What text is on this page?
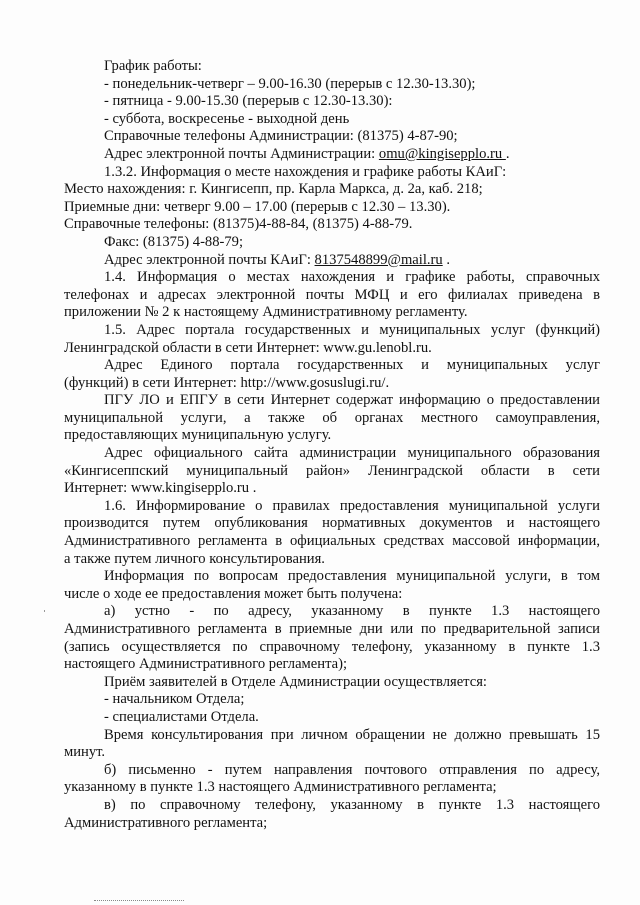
График работы:
- понедельник-четверг – 9.00-16.30 (перерыв с 12.30-13.30);
- пятница - 9.00-15.30 (перерыв с 12.30-13.30):
- суббота, воскресенье - выходной день
Справочные телефоны Администрации: (81375) 4-87-90;
Адрес электронной почты Администрации: omu@kingisepplo.ru .
1.3.2. Информация о месте нахождения и графике работы КАиГ:
Место нахождения: г. Кингисепп, пр. Карла Маркса, д. 2а, каб. 218;
Приемные дни: четверг 9.00 – 17.00 (перерыв с 12.30 – 13.30).
Справочные телефоны: (81375)4-88-84, (81375) 4-88-79.
Факс: (81375) 4-88-79;
Адрес электронной почты КАиГ: 8137548899@mail.ru .
1.4. Информация о местах нахождения и графике работы, справочных
телефонах и адресах электронной почты МФЦ и его филиалах приведена в
приложении № 2 к настоящему Административному регламенту.
1.5. Адрес портала государственных и муниципальных услуг (функций)
Ленинградской области в сети Интернет: www.gu.lenobl.ru.
Адрес Единого портала государственных и муниципальных услуг
(функций) в сети Интернет: http://www.gosuslugi.ru/.
ПГУ ЛО и ЕПГУ в сети Интернет содержат информацию о предоставлении
муниципальной услуги, а также об органах местного самоуправления,
предоставляющих муниципальную услугу.
Адрес официального сайта администрации муниципального образования
«Кингисеппский муниципальный район» Ленинградской области в сети
Интернет: www.kingisepplo.ru .
1.6. Информирование о правилах предоставления муниципальной услуги
производится путем опубликования нормативных документов и настоящего
Административного регламента в официальных средствах массовой информации,
а также путем личного консультирования.
Информация по вопросам предоставления муниципальной услуги, в том
числе о ходе ее предоставления может быть получена:
а) устно - по адресу, указанному в пункте 1.3 настоящего
Административного регламента в приемные дни или по предварительной записи
(запись осуществляется по справочному телефону, указанному в пункте 1.3
настоящего Административного регламента);
Приём заявителей в Отделе Администрации осуществляется:
- начальником Отдела;
- специалистами Отдела.
Время консультирования при личном обращении не должно превышать 15
минут.
б) письменно - путем направления почтового отправления по адресу,
указанному в пункте 1.3 настоящего Административного регламента;
в) по справочному телефону, указанному в пункте 1.3 настоящего
Административного регламента;
